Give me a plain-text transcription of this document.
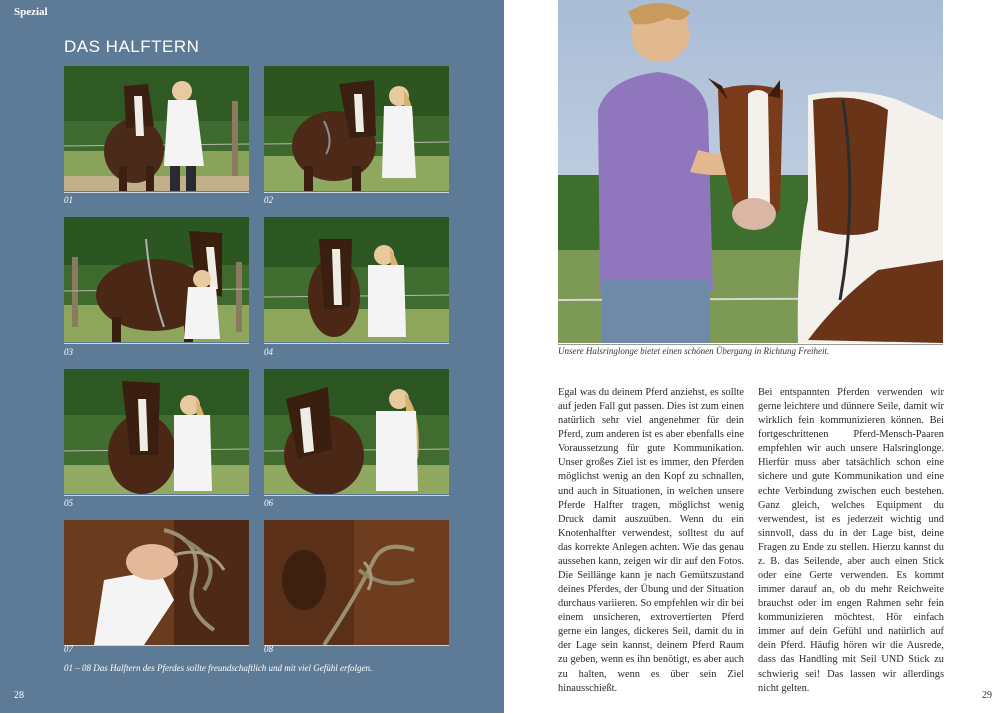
Spezial
DAS HALFTERN
01	02
03	04
05	06
07	08
01 – 08 Das Halftern des Pferdes sollte freundschaftlich und mit viel Gefühl erfolgen.
28
Unsere Halsringlonge bietet einen schönen Übergang in Richtung Freiheit.

Egal was du deinem Pferd anziehst, es sollte auf jeden Fall gut passen. Dies ist zum einen natürlich sehr viel angenehmer für dein Pferd, zum anderen ist es aber ebenfalls eine Voraussetzung für gute Kommunikation. Unser großes Ziel ist es immer, den Pferden möglichst wenig an den Kopf zu schnallen, und auch in Situationen, in welchen unsere Pferde Halfter tragen, möglichst wenig Druck damit auszuüben. Wenn du ein Knotenhalfter verwendest, solltest du auf das korrekte Anlegen achten. Wie das genau aussehen kann, zeigen wir dir auf den Fotos. Die Seillänge kann je nach Gemütszustand deines Pferdes, der Übung und der Situation durchaus variieren. So empfehlen wir dir bei einem unsicheren, extrovertierten Pferd gerne ein langes, dickeres Seil, damit du in der Lage sein kannst, deinem Pferd Raum zu geben, wenn es ihn benötigt, es aber auch zu halten, wenn es über sein Ziel hinausschießt.

Bei entspannten Pferden verwenden wir gerne leichtere und dünnere Seile, damit wir wirklich fein kommunizieren können. Bei fortgeschrittenen Pferd-Mensch-Paaren empfehlen wir auch unsere Halsringlonge. Hierfür muss aber tatsächlich schon eine sichere und gute Kommunikation und eine echte Verbindung zwischen euch bestehen. Ganz gleich, welches Equipment du verwendest, ist es jederzeit wichtig und sinnvoll, dass du in der Lage bist, deine Fragen zu Ende zu stellen. Hierzu kannst du z. B. das Seilende, aber auch einen Stick oder eine Gerte verwenden. Es kommt immer darauf an, ob du mehr Reichweite brauchst oder im engen Rahmen sehr fein kommunizieren möchtest. Hör einfach immer auf dein Gefühl und natürlich auf dein Pferd. Häufig hören wir die Ausrede, dass das Handling mit Seil UND Stick zu schwierig sei! Das lassen wir allerdings nicht gelten.

29
